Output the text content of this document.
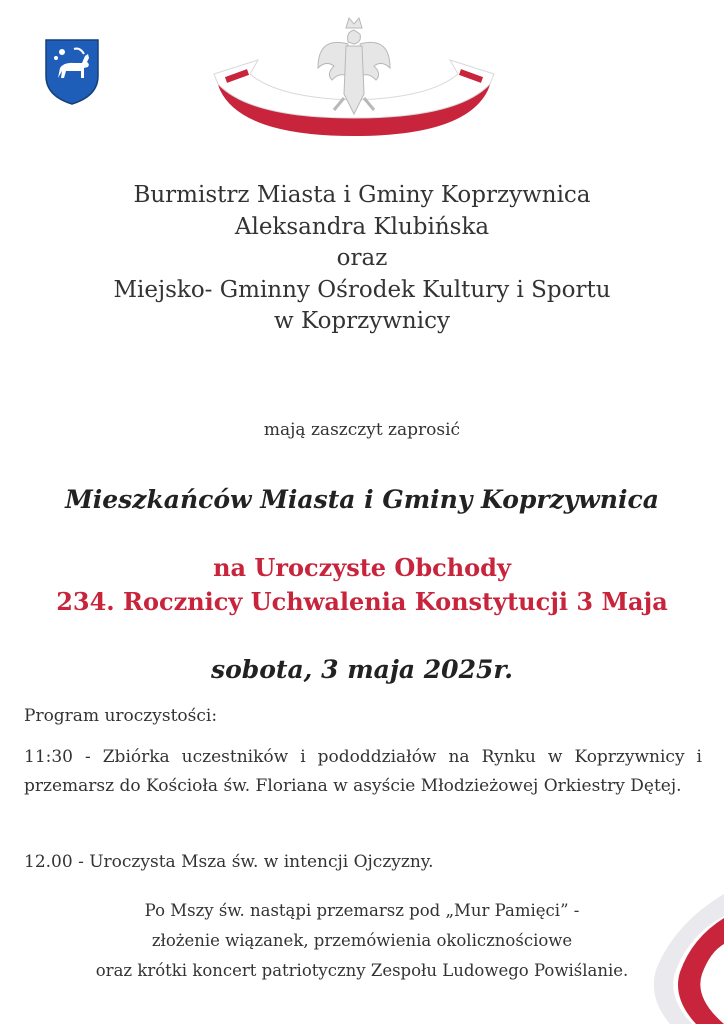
Burmistrz Miasta i Gminy Koprzywnica
Aleksandra Klubińska
oraz
Miejsko- Gminny Ośrodek Kultury i Sportu
w Koprzywnicy
mają zaszczyt zaprosić
Mieszkańców Miasta i Gminy Koprzywnica
na Uroczyste Obchody
234. Rocznicy Uchwalenia Konstytucji 3 Maja
sobota, 3 maja 2025r.
Program uroczystości:
11:30 - Zbiórka uczestników i pododdziałów na Rynku w Koprzywnicy i przemarsz do Kościoła św. Floriana w asyście Młodzieżowej Orkiestry Dętej.
12.00 - Uroczysta Msza św. w intencji Ojczyzny.
Po Mszy św. nastąpi przemarsz pod „Mur Pamięci” -
złożenie wiązanek, przemówienia okolicznościowe
oraz krótki koncert patriotyczny Zespołu Ludowego Powiślanie.
